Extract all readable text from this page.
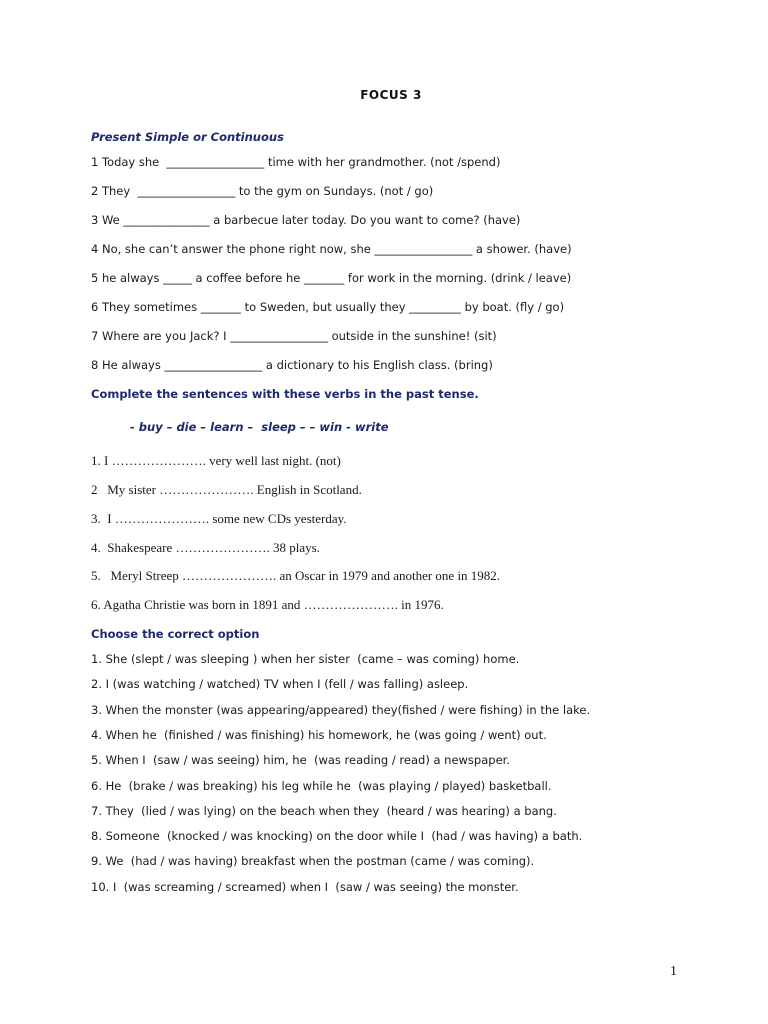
FOCUS 3
Present Simple or Continuous
1 Today she  _________________ time with her grandmother. (not /spend)
2 They  _________________ to the gym on Sundays. (not / go)
3 We _______________ a barbecue later today. Do you want to come? (have)
4 No, she can’t answer the phone right now, she _________________ a shower. (have)
5 he always _____ a coffee before he _______ for work in the morning. (drink / leave)
6 They sometimes _______ to Sweden, but usually they _________ by boat. (fly / go)
7 Where are you Jack? I _________________ outside in the sunshine! (sit)
8 He always _________________ a dictionary to his English class. (bring)
Complete the sentences with these verbs in the past tense.
- buy – die – learn –  sleep – – win - write
1. I …………………. very well last night. (not)
2   My sister …………………. English in Scotland.
3.  I …………………. some new CDs yesterday.
4.  Shakespeare …………………. 38 plays.
5.   Meryl Streep …………………. an Oscar in 1979 and another one in 1982.
6. Agatha Christie was born in 1891 and …………………. in 1976.
Choose the correct option
1. She (slept / was sleeping ) when her sister  (came – was coming) home.
2. I (was watching / watched) TV when I (fell / was falling) asleep.
3. When the monster (was appearing/appeared) they(fished / were fishing) in the lake.
4. When he  (finished / was finishing) his homework, he (was going / went) out.
5. When I  (saw / was seeing) him, he  (was reading / read) a newspaper.
6. He  (brake / was breaking) his leg while he  (was playing / played) basketball.
7. They  (lied / was lying) on the beach when they  (heard / was hearing) a bang.
8. Someone  (knocked / was knocking) on the door while I  (had / was having) a bath.
9. We  (had / was having) breakfast when the postman (came / was coming).
10. I  (was screaming / screamed) when I  (saw / was seeing) the monster.
1
